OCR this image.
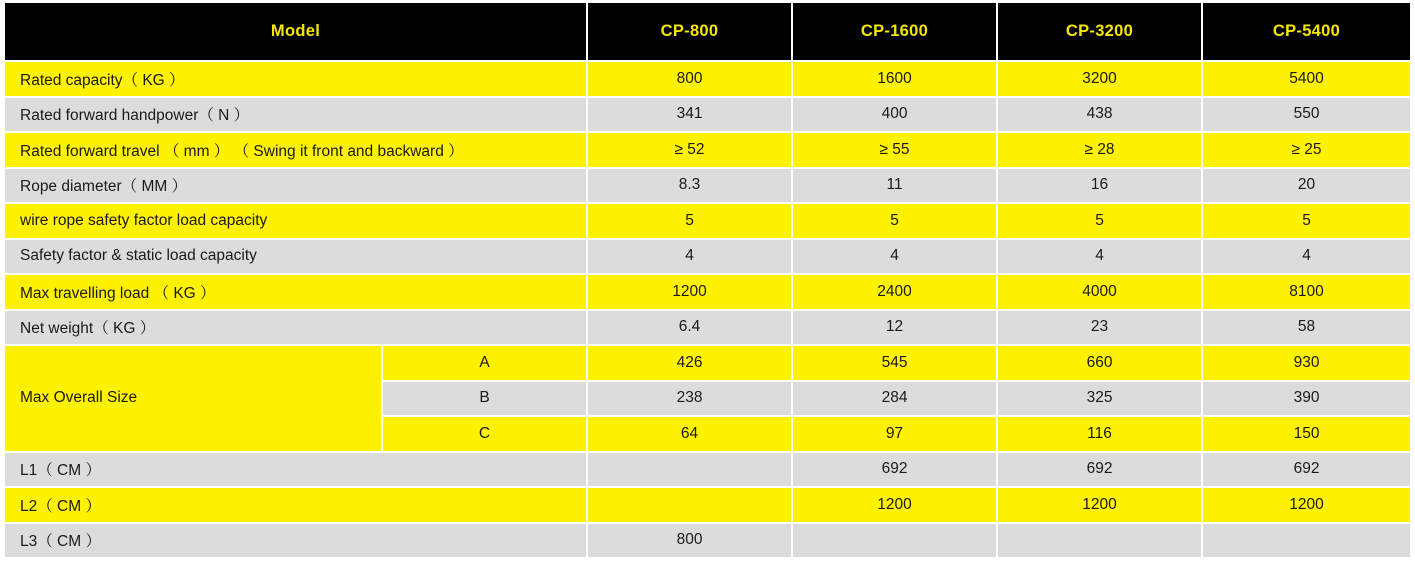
Model		CP-800	CP-1600	CP-3200	CP-5400
Rated capacity（ KG ）		800	1600	3200	5400
Rated forward handpower（ N ）		341	400	438	550
Rated forward travel （ mm ） （ Swing it front and backward ）		≥ 52	≥ 55	≥ 28	≥ 25
Rope diameter（ MM ）		8.3	11	16	20
wire rope safety factor load capacity		5	5	5	5
Safety factor & static load capacity		4	4	4	4
Max travelling load （ KG ）		1200	2400	4000	8100
Net weight（ KG ）		6.4	12	23	58
Max Overall Size	A	426	545	660	930
	B	238	284	325	390
	C	64	97	116	150
L1（ CM ）			692	692	692
L2（ CM ）			1200	1200	1200
L3（ CM ）		800			
